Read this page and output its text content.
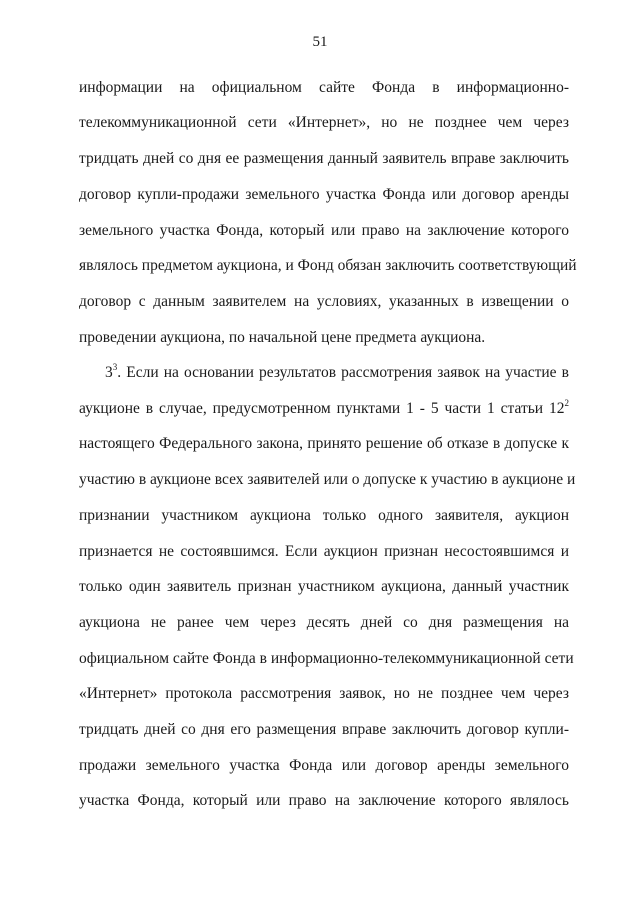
51
информации на официальном сайте Фонда в информационно-
телекоммуникационной сети «Интернет», но не позднее чем через
тридцать дней со дня ее размещения данный заявитель вправе заключить
договор купли-продажи земельного участка Фонда или договор аренды
земельного участка Фонда, который или право на заключение которого
являлось предметом аукциона, и Фонд обязан заключить соответствующий
договор с данным заявителем на условиях, указанных в извещении о
проведении аукциона, по начальной цене предмета аукциона.
$3^3$. Если на основании результатов рассмотрения заявок на участие в
аукционе в случае, предусмотренном пунктами 1 - 5 части 1 статьи $12^2$
настоящего Федерального закона, принято решение об отказе в допуске к
участию в аукционе всех заявителей или о допуске к участию в аукционе и
признании участником аукциона только одного заявителя, аукцион
признается не состоявшимся. Если аукцион признан несостоявшимся и
только один заявитель признан участником аукциона, данный участник
аукциона не ранее чем через десять дней со дня размещения на
официальном сайте Фонда в информационно-телекоммуникационной сети
«Интернет» протокола рассмотрения заявок, но не позднее чем через
тридцать дней со дня его размещения вправе заключить договор купли-
продажи земельного участка Фонда или договор аренды земельного
участка Фонда, который или право на заключение которого являлось
